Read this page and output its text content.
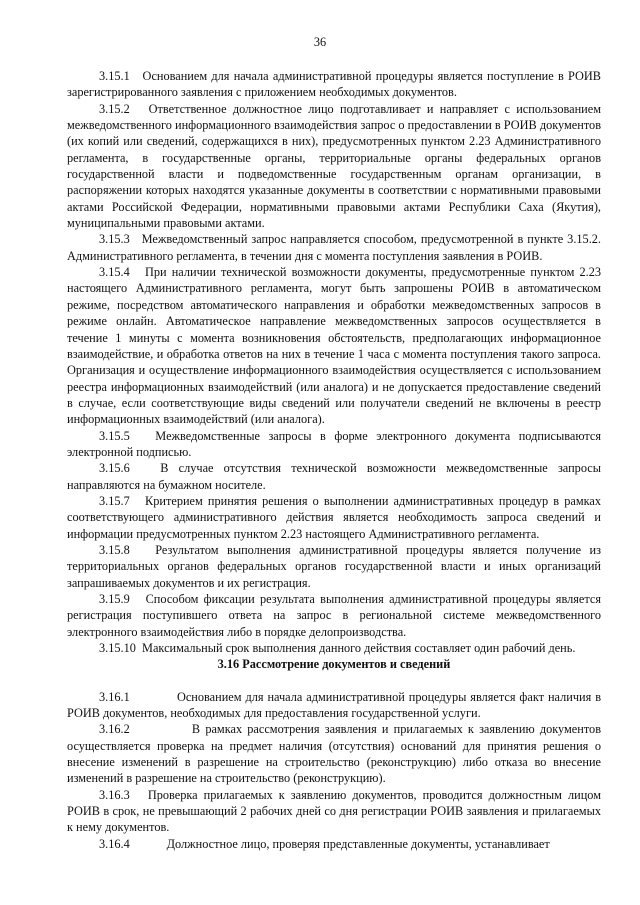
36

3.15.1   Основанием для начала административной процедуры является поступление в РОИВ зарегистрированного заявления с приложением необходимых документов.

3.15.2   Ответственное должностное лицо подготавливает и направляет с использованием межведомственного информационного взаимодействия запрос о предоставлении в РОИВ документов (их копий или сведений, содержащихся в них), предусмотренных пунктом 2.23 Административного регламента, в государственные органы, территориальные органы федеральных органов государственной власти и подведомственные государственным органам организации, в распоряжении которых находятся указанные документы в соответствии с нормативными правовыми актами Российской Федерации, нормативными правовыми актами Республики Саха (Якутия), муниципальными правовыми актами.

3.15.3   Межведомственный запрос направляется способом, предусмотренной в пункте 3.15.2. Административного регламента, в течении дня с момента поступления заявления в РОИВ.

3.15.4   При наличии технической возможности документы, предусмотренные пунктом 2.23 настоящего Административного регламента, могут быть запрошены РОИВ в автоматическом режиме, посредством автоматического направления и обработки межведомственных запросов в режиме онлайн. Автоматическое направление межведомственных запросов осуществляется в течение 1 минуты с момента возникновения обстоятельств, предполагающих информационное взаимодействие, и обработка ответов на них в течение 1 часа с момента поступления такого запроса. Организация и осуществление информационного взаимодействия осуществляется с использованием реестра информационных взаимодействий (или аналога) и не допускается предоставление сведений в случае, если соответствующие виды сведений или получатели сведений не включены в реестр информационных взаимодействий (или аналога).

3.15.5   Межведомственные запросы в форме электронного документа подписываются электронной подписью.

3.15.6   В случае отсутствия технической возможности межведомственные запросы направляются на бумажном носителе.

3.15.7   Критерием принятия решения о выполнении административных процедур в рамках соответствующего административного действия является необходимость запроса сведений и информации предусмотренных пунктом 2.23 настоящего Административного регламента.

3.15.8   Результатом выполнения административной процедуры является получение из территориальных органов федеральных органов государственной власти и иных организаций запрашиваемых документов и их регистрация.

3.15.9   Способом фиксации результата выполнения административной процедуры является регистрация поступившего ответа на запрос в региональной системе межведомственного электронного взаимодействия либо в порядке делопроизводства.

3.15.10  Максимальный срок выполнения данного действия составляет один рабочий день.

3.16 Рассмотрение документов и сведений

3.16.1            Основанием для начала административной процедуры является факт наличия в РОИВ документов, необходимых для предоставления государственной услуги.

3.16.2            В рамках рассмотрения заявления и прилагаемых к заявлению документов осуществляется проверка на предмет наличия (отсутствия) оснований для принятия решения о внесение изменений в разрешение на строительство (реконструкцию) либо отказа во внесение изменений в разрешение на строительство (реконструкцию).

3.16.3   Проверка прилагаемых к заявлению документов, проводится должностным лицом РОИВ в срок, не превышающий 2 рабочих дней со дня регистрации РОИВ заявления и прилагаемых к нему документов.

3.16.4            Должностное лицо, проверяя представленные документы, устанавливает
